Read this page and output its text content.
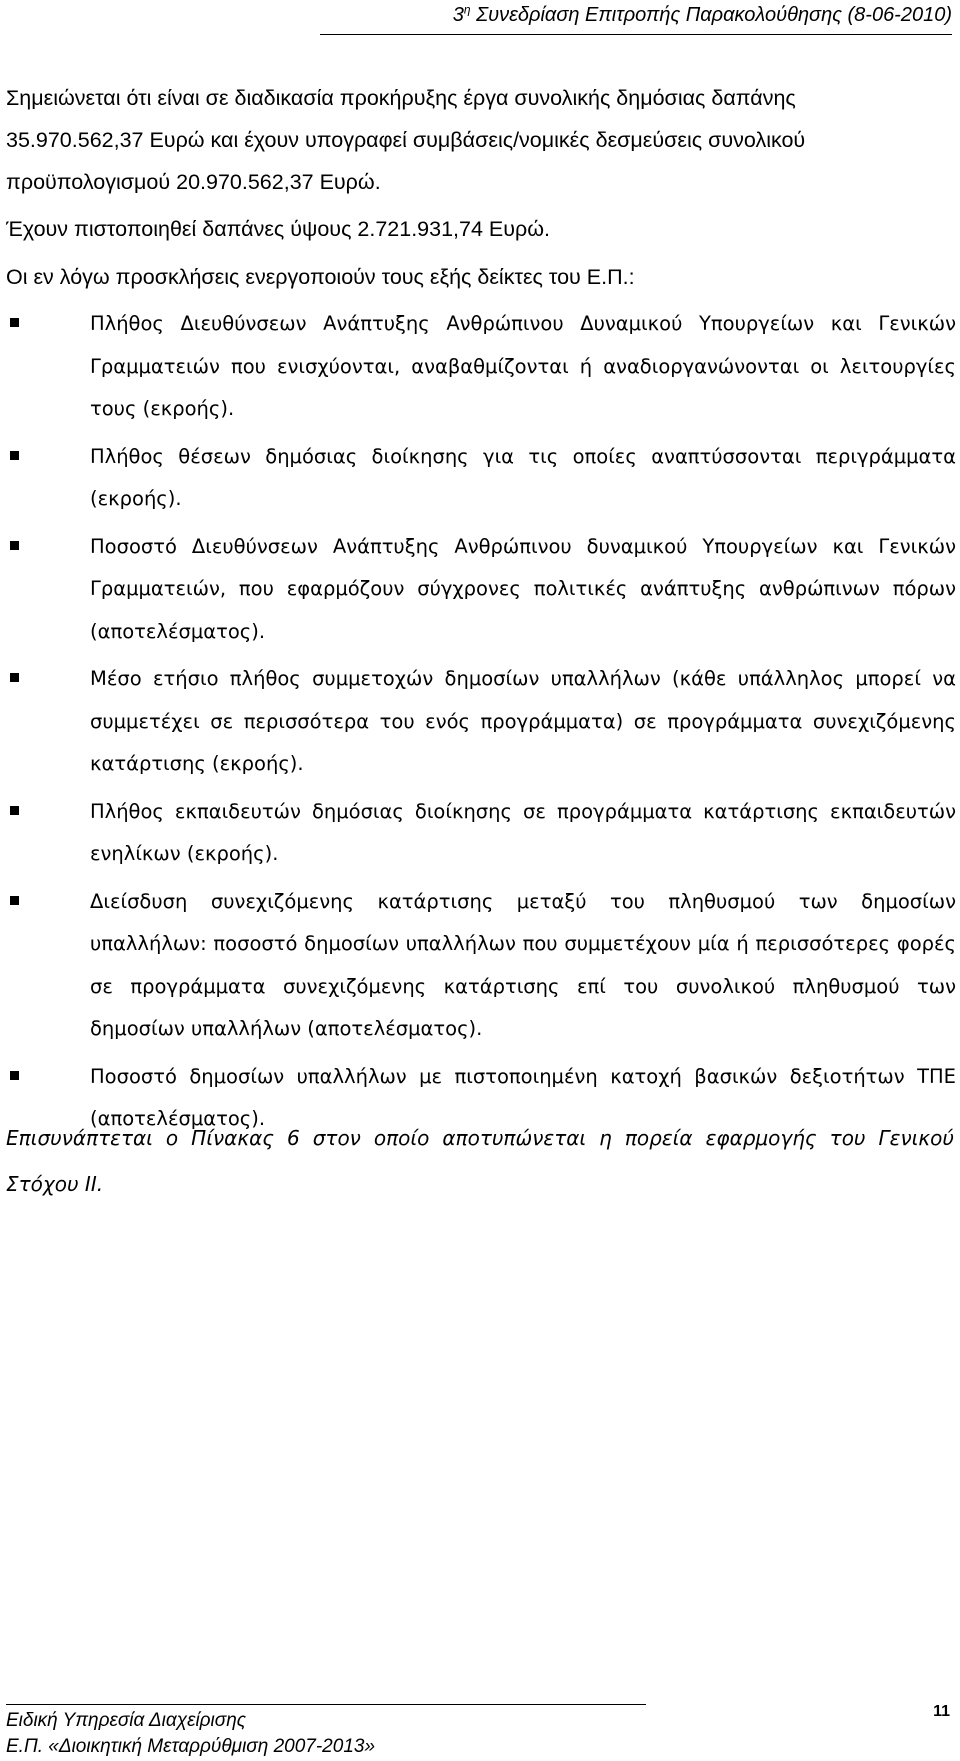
$3^\eta$ Συνεδρίαση Επιτροπής Παρακολούθησης (8-06-2010)

Σημειώνεται ότι είναι σε διαδικασία προκήρυξης έργα συνολικής δημόσιας δαπάνης

35.970.562,37 Ευρώ και έχουν υπογραφεί συμβάσεις/νομικές δεσμεύσεις συνολικού

προϋπολογισμού 20.970.562,37 Ευρώ.

Έχουν πιστοποιηθεί δαπάνες ύψους 2.721.931,74 Ευρώ.

Οι εν λόγω προσκλήσεις ενεργοποιούν τους εξής δείκτες του Ε.Π.:

Πλήθος Διευθύνσεων Ανάπτυξης Ανθρώπινου Δυναμικού Υπουργείων και Γενικών Γραμματειών που ενισχύονται, αναβαθμίζονται ή αναδιοργανώνονται οι λειτουργίες τους (εκροής).
Πλήθος θέσεων δημόσιας διοίκησης για τις οποίες αναπτύσσονται περιγράμματα (εκροής).
Ποσοστό Διευθύνσεων Ανάπτυξης Ανθρώπινου δυναμικού Υπουργείων και Γενικών Γραμματειών, που εφαρμόζουν σύγχρονες πολιτικές ανάπτυξης ανθρώπινων πόρων (αποτελέσματος).
Μέσο ετήσιο πλήθος συμμετοχών δημοσίων υπαλλήλων (κάθε υπάλληλος μπορεί να συμμετέχει σε περισσότερα του ενός προγράμματα) σε προγράμματα συνεχιζόμενης κατάρτισης (εκροής).
Πλήθος εκπαιδευτών δημόσιας διοίκησης σε προγράμματα κατάρτισης εκπαιδευτών ενηλίκων (εκροής).
Διείσδυση συνεχιζόμενης κατάρτισης μεταξύ του πληθυσμού των δημοσίων υπαλλήλων: ποσοστό δημοσίων υπαλλήλων που συμμετέχουν μία ή περισσότερες φορές σε προγράμματα συνεχιζόμενης κατάρτισης επί του συνολικού πληθυσμού των δημοσίων υπαλλήλων (αποτελέσματος).
Ποσοστό δημοσίων υπαλλήλων με πιστοποιημένη κατοχή βασικών δεξιοτήτων ΤΠΕ (αποτελέσματος).

Επισυνάπτεται ο Πίνακας 6 στον οποίο αποτυπώνεται η πορεία εφαρμογής του Γενικού Στόχου ΙΙ.

Ειδική Υπηρεσία Διαχείρισης
Ε.Π. «Διοικητική Μεταρρύθμιση 2007-2013»
11
